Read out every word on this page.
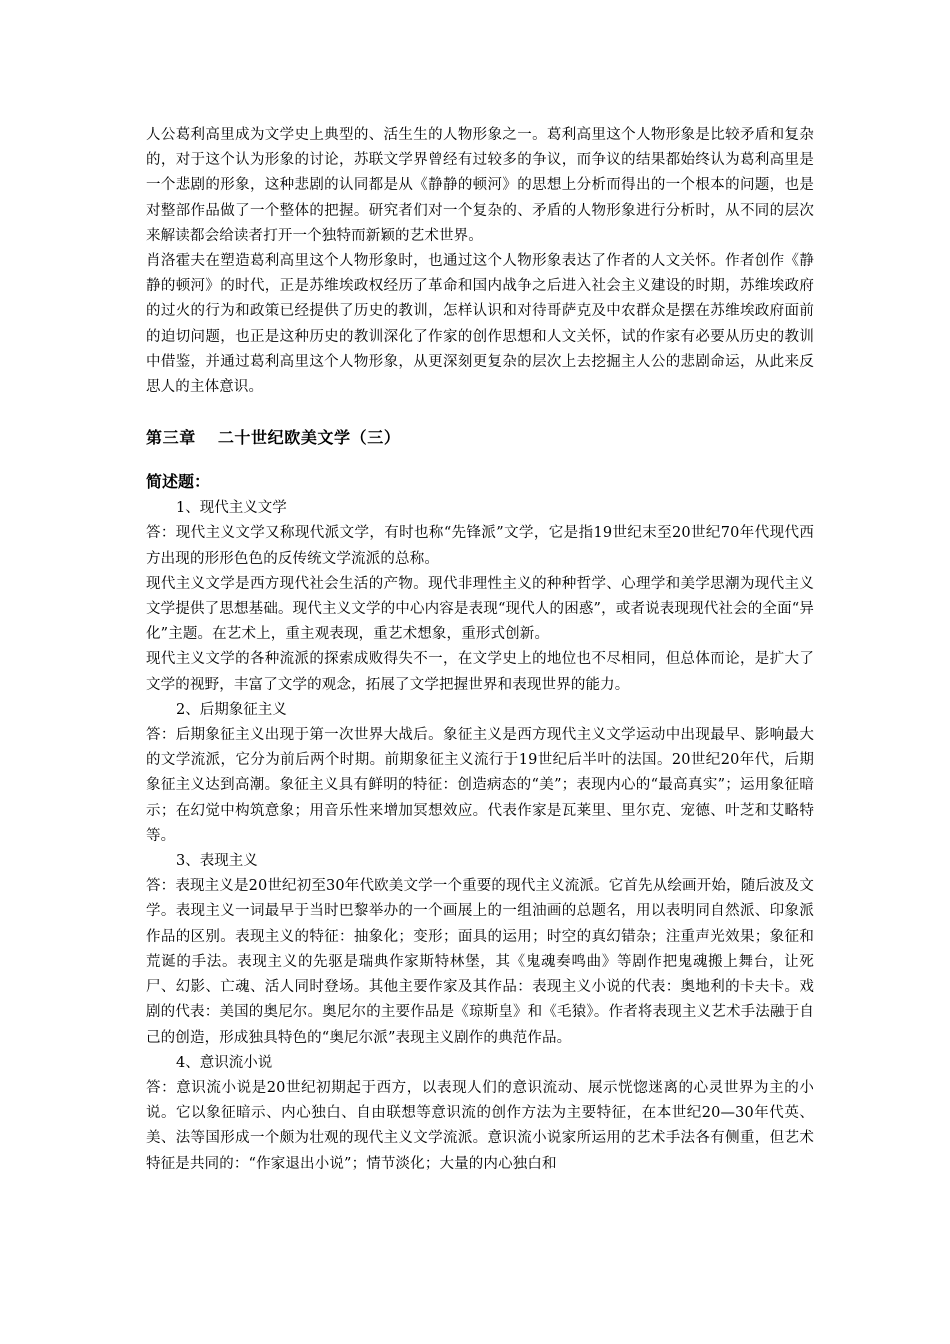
人公葛利高里成为文学史上典型的、活生生的人物形象之一。葛利高里这个人物形象是比较矛盾和复杂的，对于这个认为形象的讨论，苏联文学界曾经有过较多的争议，而争议的结果都始终认为葛利高里是一个悲剧的形象，这种悲剧的认同都是从《静静的顿河》的思想上分析而得出的一个根本的问题，也是对整部作品做了一个整体的把握。研究者们对一个复杂的、矛盾的人物形象进行分析时，从不同的层次来解读都会给读者打开一个独特而新颖的艺术世界。

肖洛霍夫在塑造葛利高里这个人物形象时，也通过这个人物形象表达了作者的人文关怀。作者创作《静静的顿河》的时代，正是苏维埃政权经历了革命和国内战争之后进入社会主义建设的时期，苏维埃政府的过火的行为和政策已经提供了历史的教训，怎样认识和对待哥萨克及中农群众是摆在苏维埃政府面前的迫切问题，也正是这种历史的教训深化了作家的创作思想和人文关怀，试的作家有必要从历史的教训中借鉴，并通过葛利高里这个人物形象，从更深刻更复杂的层次上去挖掘主人公的悲剧命运，从此来反思人的主体意识。

第三章 二十世纪欧美文学（三）
简述题：

1、现代主义文学

答：现代主义文学又称现代派文学，有时也称“先锋派”文学，它是指19世纪末至20世纪70年代现代西方出现的形形色色的反传统文学流派的总称。

现代主义文学是西方现代社会生活的产物。现代非理性主义的种种哲学、心理学和美学思潮为现代主义文学提供了思想基础。现代主义文学的中心内容是表现“现代人的困惑”，或者说表现现代社会的全面“异化”主题。在艺术上，重主观表现，重艺术想象，重形式创新。

现代主义文学的各种流派的探索成败得失不一，在文学史上的地位也不尽相同，但总体而论，是扩大了文学的视野，丰富了文学的观念，拓展了文学把握世界和表现世界的能力。

2、后期象征主义

答：后期象征主义出现于第一次世界大战后。象征主义是西方现代主义文学运动中出现最早、影响最大的文学流派，它分为前后两个时期。前期象征主义流行于19世纪后半叶的法国。20世纪20年代，后期象征主义达到高潮。象征主义具有鲜明的特征：创造病态的“美”；表现内心的“最高真实”；运用象征暗示；在幻觉中构筑意象；用音乐性来增加冥想效应。代表作家是瓦莱里、里尔克、宠德、叶芝和艾略特等。

3、表现主义

答：表现主义是20世纪初至30年代欧美文学一个重要的现代主义流派。它首先从绘画开始，随后波及文学。表现主义一词最早于当时巴黎举办的一个画展上的一组油画的总题名，用以表明同自然派、印象派作品的区别。表现主义的特征：抽象化；变形；面具的运用；时空的真幻错杂；注重声光效果；象征和荒诞的手法。表现主义的先驱是瑞典作家斯特林堡，其《鬼魂奏鸣曲》等剧作把鬼魂搬上舞台，让死尸、幻影、亡魂、活人同时登场。其他主要作家及其作品：表现主义小说的代表：奥地利的卡夫卡。戏剧的代表：美国的奥尼尔。奥尼尔的主要作品是《琼斯皇》和《毛猿》。作者将表现主义艺术手法融于自己的创造，形成独具特色的“奥尼尔派”表现主义剧作的典范作品。

4、意识流小说

答：意识流小说是20世纪初期起于西方，以表现人们的意识流动、展示恍惚迷离的心灵世界为主的小说。它以象征暗示、内心独白、自由联想等意识流的创作方法为主要特征，在本世纪20—30年代英、美、法等国形成一个颇为壮观的现代主义文学流派。意识流小说家所运用的艺术手法各有侧重，但艺术特征是共同的：“作家退出小说”；情节淡化；大量的内心独白和
